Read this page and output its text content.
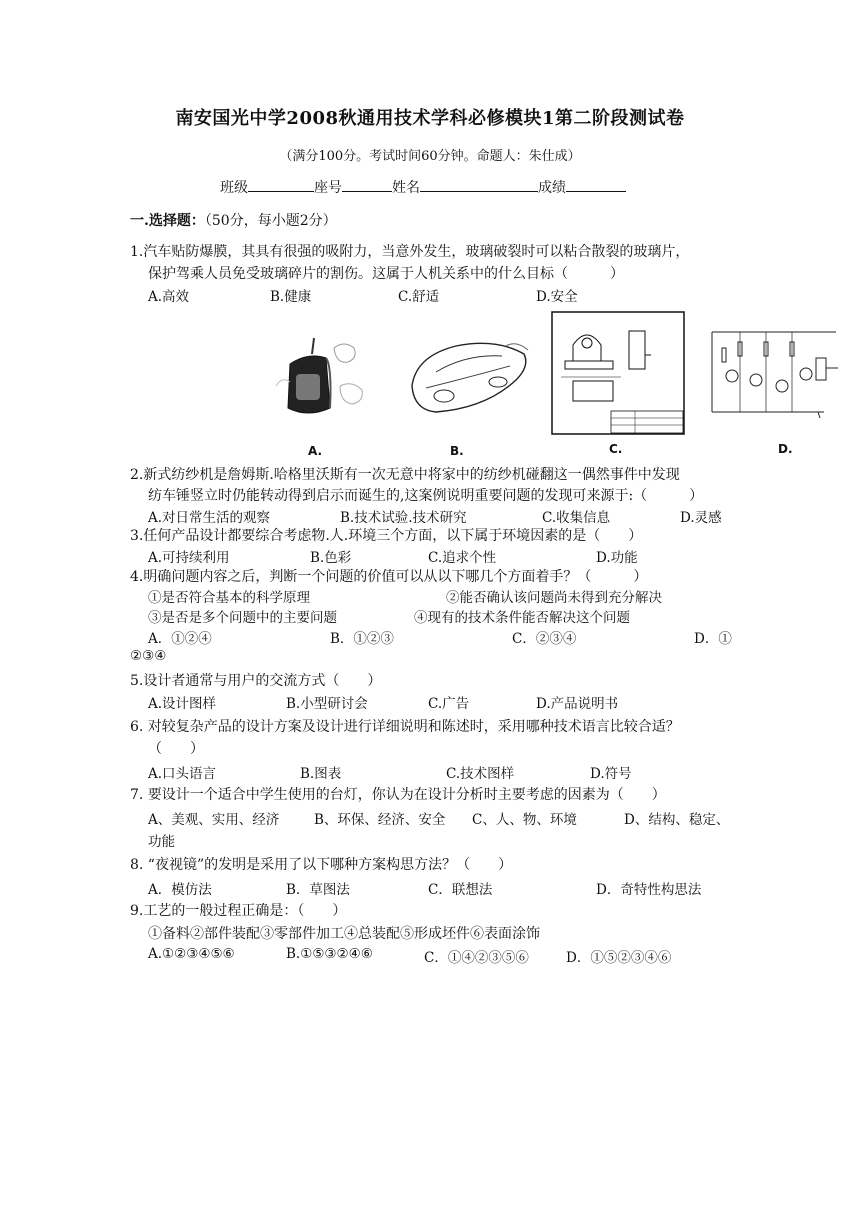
南安国光中学2008秋通用技术学科必修模块1第二阶段测试卷
（满分100分。考试时间60分钟。命题人：朱仕成）
班级	座号	姓名	成绩
一.选择题：（50分，每小题2分）
1.汽车贴防爆膜，其具有很强的吸附力，当意外发生，玻璃破裂时可以粘合散裂的玻璃片，
保护驾乘人员免受玻璃碎片的割伤。这属于人机关系中的什么目标（　　　）
A.高效	B.健康	C.舒适	D.安全
A.	B.	C.	D.
2.新式纺纱机是詹姆斯.哈格里沃斯有一次无意中将家中的纺纱机碰翻这一偶然事件中发现
纺车锤竖立时仍能转动得到启示而诞生的,这案例说明重要问题的发现可来源于:（　　　）
A.对日常生活的观察	B.技术试验.技术研究	C.收集信息	D.灵感
3.任何产品设计都要综合考虑物.人.环境三个方面，以下属于环境因素的是（　　）
A.可持续利用	B.色彩	C.追求个性	D.功能
4.明确问题内容之后，判断一个问题的价值可以从以下哪几个方面着手？（　　　）
①是否符合基本的科学原理	②能否确认该问题尚未得到充分解决
③是否是多个问题中的主要问题	④现有的技术条件能否解决这个问题
A．①②④	B．①②③	C．②③④	D．①
②③④
5.设计者通常与用户的交流方式（　　）
A.设计图样	B.小型研讨会	C.广告	D.产品说明书
6. 对较复杂产品的设计方案及设计进行详细说明和陈述时，采用哪种技术语言比较合适？
（　　）
A.口头语言	B.图表	C.技术图样	D.符号
7. 要设计一个适合中学生使用的台灯，你认为在设计分析时主要考虑的因素为（　　）
A、美观、实用、经济	B、环保、经济、安全 C、人、物、环境	D、结构、稳定、
功能
8. “夜视镜”的发明是采用了以下哪种方案构思方法？（　　）
A．模仿法	B．草图法	C．联想法	D．奇特性构思法
9.工艺的一般过程正确是：（　　）
①备料②部件装配③零部件加工④总装配⑤形成坯件⑥表面涂饰
A.①②③④⑤⑥	B.①⑤③②④⑥	C．①④②③⑤⑥	D．①⑤②③④⑥
